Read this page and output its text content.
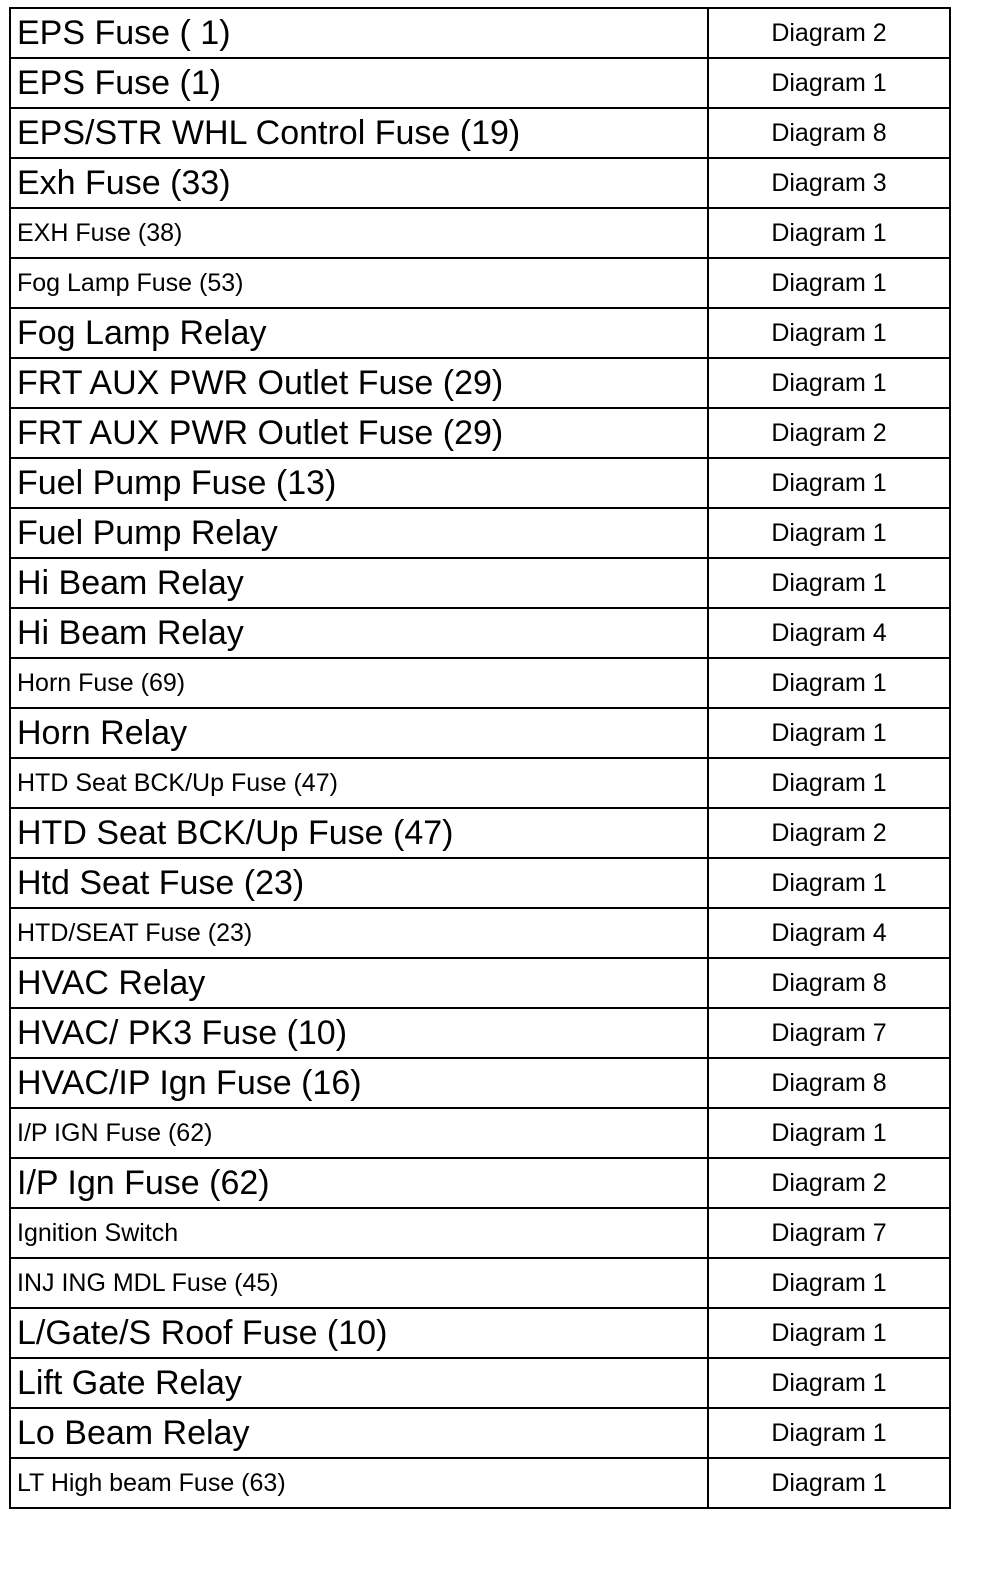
EPS Fuse ( 1)	Diagram 2
EPS Fuse (1)	Diagram 1
EPS/STR WHL Control Fuse (19)	Diagram 8
Exh Fuse (33)	Diagram 3
EXH Fuse (38)	Diagram 1
Fog Lamp Fuse (53)	Diagram 1
Fog Lamp Relay	Diagram 1
FRT AUX PWR Outlet Fuse (29)	Diagram 1
FRT AUX PWR Outlet Fuse (29)	Diagram 2
Fuel Pump Fuse (13)	Diagram 1
Fuel Pump Relay	Diagram 1
Hi Beam Relay	Diagram 1
Hi Beam Relay	Diagram 4
Horn Fuse (69)	Diagram 1
Horn Relay	Diagram 1
HTD Seat BCK/Up Fuse (47)	Diagram 1
HTD Seat BCK/Up Fuse (47)	Diagram 2
Htd Seat Fuse (23)	Diagram 1
HTD/SEAT Fuse (23)	Diagram 4
HVAC Relay	Diagram 8
HVAC/ PK3 Fuse (10)	Diagram 7
HVAC/IP Ign Fuse (16)	Diagram 8
I/P IGN Fuse (62)	Diagram 1
I/P Ign Fuse (62)	Diagram 2
Ignition Switch	Diagram 7
INJ ING MDL Fuse (45)	Diagram 1
L/Gate/S Roof Fuse (10)	Diagram 1
Lift Gate Relay	Diagram 1
Lo Beam Relay	Diagram 1
LT High beam Fuse (63)	Diagram 1
